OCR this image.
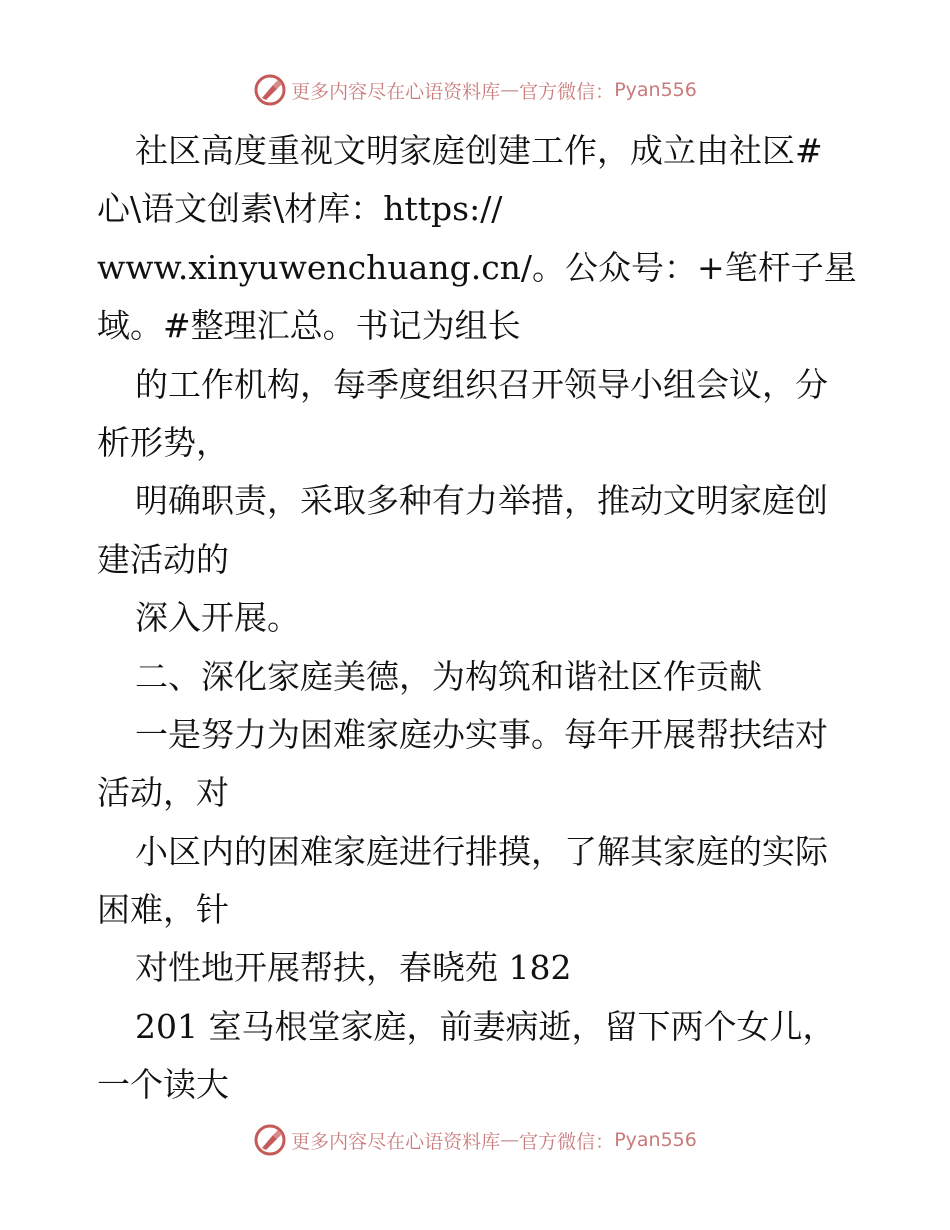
更多内容尽在心语资料库 — 官方微信： Pyan556
社区高度重视文明家庭创建工作，成立由社区#
心\语文创素\材库：https://
www.xinyuwenchuang.cn/。公众号：+笔杆子星
域。#整理汇总。书记为组长
的工作机构，每季度组织召开领导小组会议，分
析形势，
明确职责，采取多种有力举措，推动文明家庭创
建活动的
深入开展。
二、深化家庭美德，为构筑和谐社区作贡献
一是努力为困难家庭办实事。每年开展帮扶结对
活动，对
小区内的困难家庭进行排摸，了解其家庭的实际
困难，针
对性地开展帮扶，春晓苑 182
201 室马根堂家庭，前妻病逝，留下两个女儿，
一个读大
更多内容尽在心语资料库 — 官方微信： Pyan556
